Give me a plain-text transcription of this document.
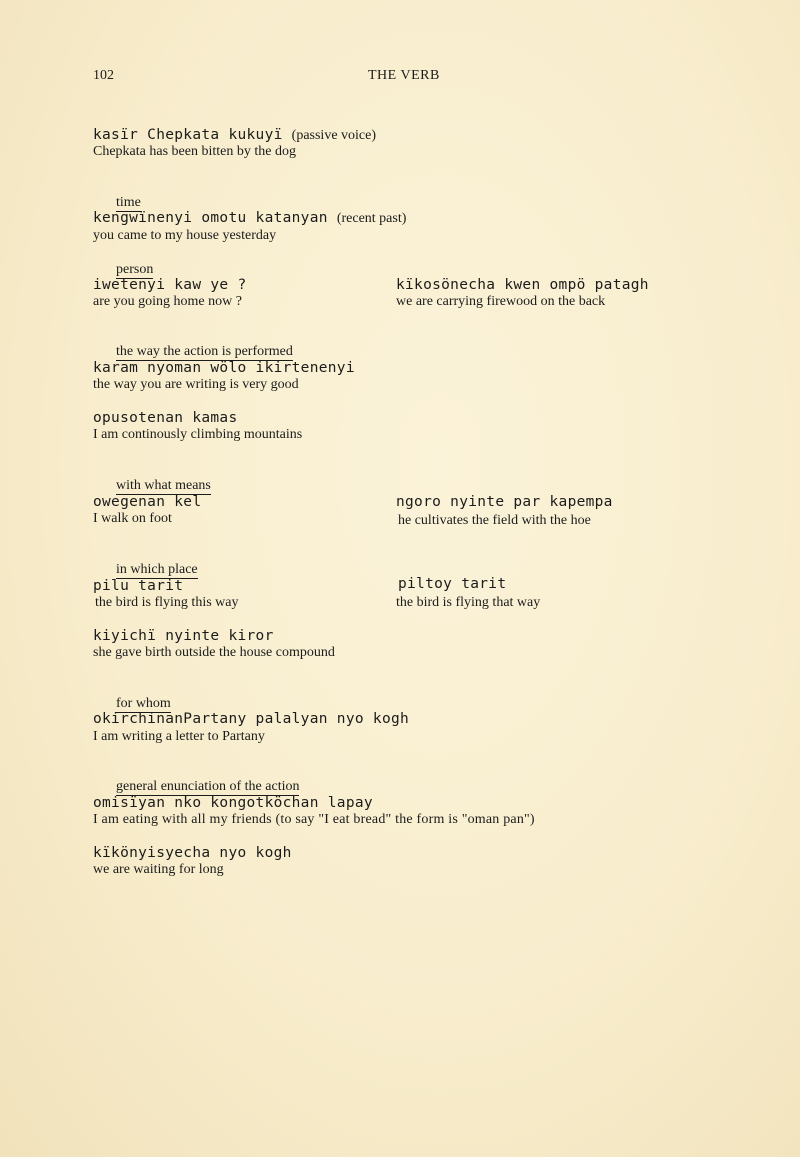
102	THE VERB
kasïr Chepkata kukuyï (passive voice)
Chepkata has been bitten by the dog
time
kengwïnenyi omotu katanyan (recent past)
you came to my house yesterday
person
iwetenyi kaw ye ?
are you going home now ?
kïkosönecha kwen ompö patagh
we are carrying firewood on the back
the way the action is performed
karam nyoman wölo ikirtenenyi
the way you are writing is very good
opusotenan kamas
I am continously climbing mountains
with what means
owegenan kel
I walk on foot
ngoro nyinte par kapempa
he cultivates the field with the hoe
in which place
pilu tarit
the bird is flying this way
piltoy tarit
the bird is flying that way
kiyichï nyinte kiror
she gave birth outside the house compound
for whom
okirchinanPartany palalyan nyo kogh
I am writing a letter to Partany
general enunciation of the action
omisïyan nko kongotköchan lapay
I am eating with all my friends (to say "I eat bread" the form is "oman pan")
kïkönyisyecha nyo kogh
we are waiting for long
